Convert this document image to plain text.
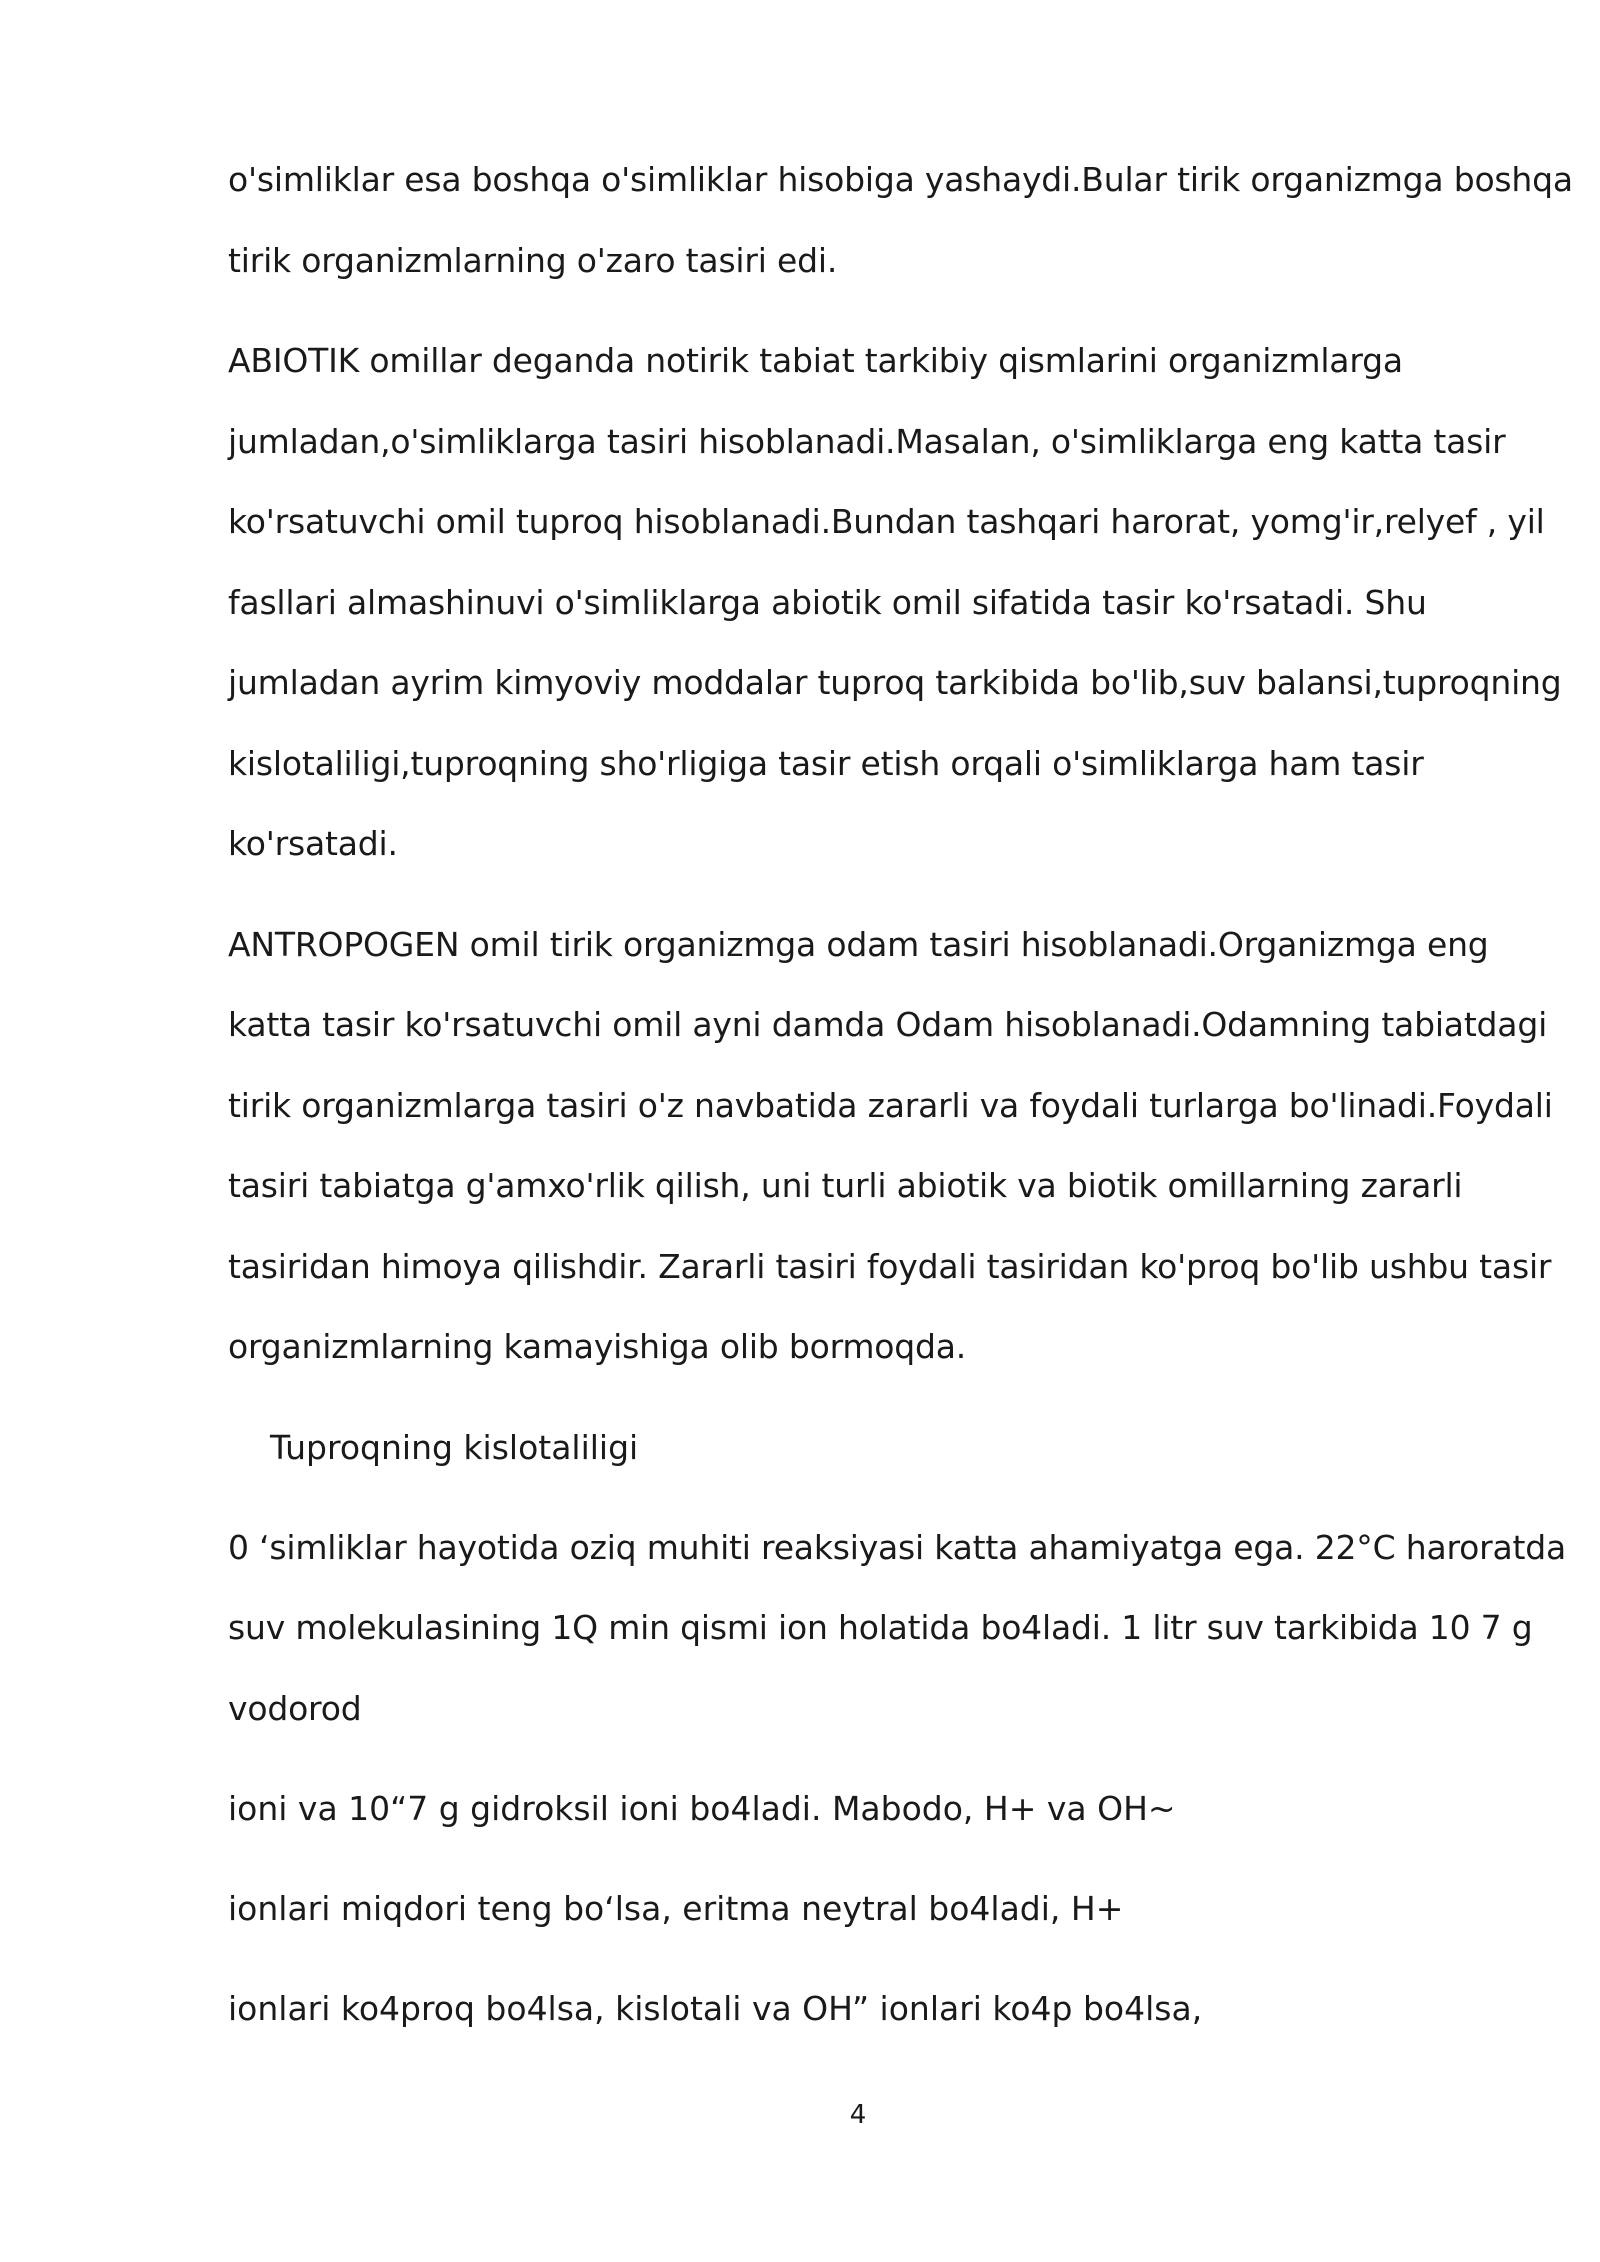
o'simliklar esa boshqa o'simliklar hisobiga yashaydi.Bular tirik organizmga boshqa
tirik organizmlarning o'zaro tasiri edi.

ABIOTIK omillar deganda notirik tabiat tarkibiy qismlarini organizmlarga
jumladan,o'simliklarga tasiri hisoblanadi.Masalan, o'simliklarga eng katta tasir
ko'rsatuvchi omil tuproq hisoblanadi.Bundan tashqari harorat, yomg'ir,relyef , yil
fasllari almashinuvi o'simliklarga abiotik omil sifatida tasir ko'rsatadi. Shu
jumladan ayrim kimyoviy moddalar tuproq tarkibida bo'lib,suv balansi,tuproqning
kislotaliligi,tuproqning sho'rligiga tasir etish orqali o'simliklarga ham tasir
ko'rsatadi.

ANTROPOGEN omil tirik organizmga odam tasiri hisoblanadi.Organizmga eng
katta tasir ko'rsatuvchi omil ayni damda Odam hisoblanadi.Odamning tabiatdagi
tirik organizmlarga tasiri o'z navbatida zararli va foydali turlarga bo'linadi.Foydali
tasiri tabiatga g'amxo'rlik qilish, uni turli abiotik va biotik omillarning zararli
tasiridan himoya qilishdir. Zararli tasiri foydali tasiridan ko'proq bo'lib ushbu tasir
organizmlarning kamayishiga olib bormoqda.

Tuproqning kislotaliligi

0 ‘simliklar hayotida oziq muhiti reaksiyasi katta ahamiyatga ega. 22°C haroratda
suv molekulasining 1Q min qismi ion holatida bo4ladi. 1 litr suv tarkibida 10 7 g
vodorod

ioni va 10“7 g gidroksil ioni bo4ladi. Mabodo, H+ va OH~

ionlari miqdori teng bo‘lsa, eritma neytral bo4ladi, H+

ionlari ko4proq bo4lsa, kislotali va OH” ionlari ko4p bo4lsa,

4
